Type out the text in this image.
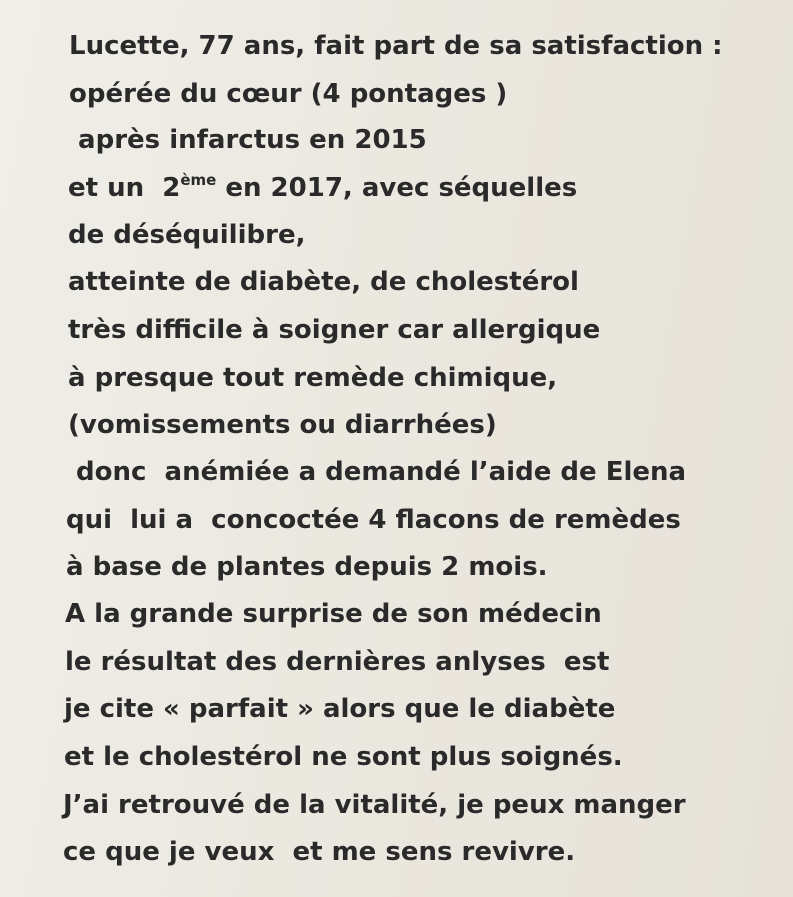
Lucette, 77 ans, fait part de sa satisfaction :
opérée du cœur (4 pontages )
après infarctus en 2015
et un  2ème en 2017, avec séquelles
de déséquilibre,
atteinte de diabète, de cholestérol
très difficile à soigner car allergique
à presque tout remède chimique,
(vomissements ou diarrhées)
donc  anémiée a demandé l’aide de Elena
qui  lui a  concoctée 4 flacons de remèdes
à base de plantes depuis 2 mois.
A la grande surprise de son médecin
le résultat des dernières anlyses  est
je cite « parfait » alors que le diabète
et le cholestérol ne sont plus soignés.
J’ai retrouvé de la vitalité, je peux manger
ce que je veux  et me sens revivre.
